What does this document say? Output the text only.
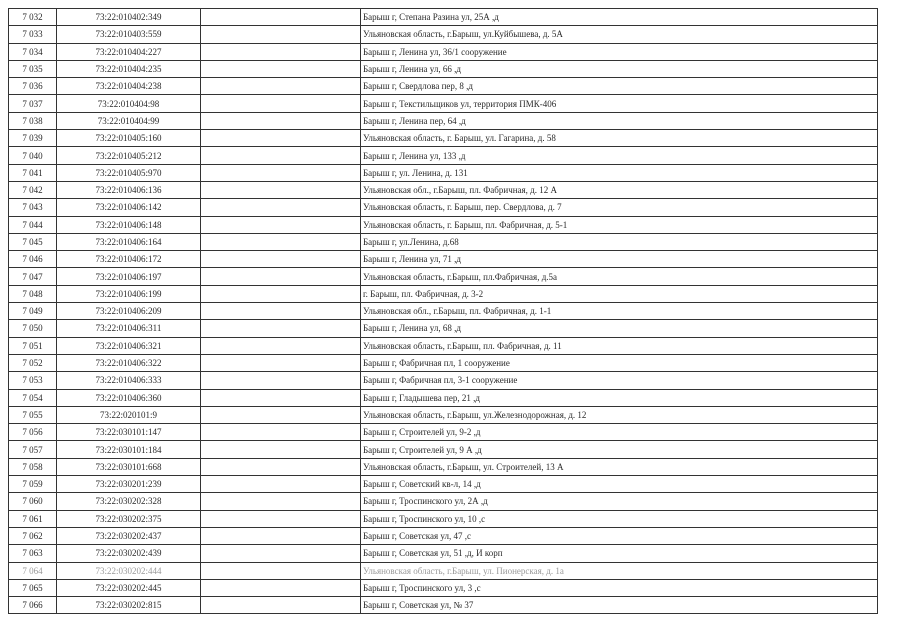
7 032	73:22:010402:349		Барыш г, Степана Разина ул, 25А ,д
7 033	73:22:010403:559		Ульяновская область, г.Барыш, ул.Куйбышева, д. 5А
7 034	73:22:010404:227		Барыш г, Ленина ул, 36/1 сооружение
7 035	73:22:010404:235		Барыш г, Ленина ул, 66 ,д
7 036	73:22:010404:238		Барыш г, Свердлова пер, 8 ,д
7 037	73:22:010404:98		Барыш г, Текстильщиков ул, территория ПМК-406
7 038	73:22:010404:99		Барыш г, Ленина пер, 64 ,д
7 039	73:22:010405:160		Ульяновская область, г. Барыш, ул. Гагарина, д. 58
7 040	73:22:010405:212		Барыш г, Ленина ул, 133 ,д
7 041	73:22:010405:970		Барыш г, ул. Ленина, д. 131
7 042	73:22:010406:136		Ульяновская обл., г.Барыш, пл. Фабричная, д. 12 А
7 043	73:22:010406:142		Ульяновская область, г. Барыш, пер. Свердлова, д. 7
7 044	73:22:010406:148		Ульяновская область, г. Барыш, пл. Фабричная, д. 5-1
7 045	73:22:010406:164		Барыш г, ул.Ленина, д.68
7 046	73:22:010406:172		Барыш г, Ленина ул, 71 ,д
7 047	73:22:010406:197		Ульяновская область, г.Барыш, пл.Фабричная, д.5а
7 048	73:22:010406:199		г. Барыш, пл. Фабричная, д. 3-2
7 049	73:22:010406:209		Ульяновская обл., г.Барыш, пл. Фабричная, д. 1-1
7 050	73:22:010406:311		Барыш г, Ленина ул, 68 ,д
7 051	73:22:010406:321		Ульяновская область, г.Барыш, пл. Фабричная, д. 11
7 052	73:22:010406:322		Барыш г, Фабричная пл, 1 сооружение
7 053	73:22:010406:333		Барыш г, Фабричная пл, 3-1 сооружение
7 054	73:22:010406:360		Барыш г, Гладышева пер, 21 ,д
7 055	73:22:020101:9		Ульяновская область, г.Барыш, ул.Железнодорожная, д. 12
7 056	73:22:030101:147		Барыш г, Строителей ул, 9-2 ,д
7 057	73:22:030101:184		Барыш г, Строителей ул, 9 А ,д
7 058	73:22:030101:668		Ульяновская область, г.Барыш, ул. Строителей, 13 А
7 059	73:22:030201:239		Барыш г, Советский кв-л, 14 ,д
7 060	73:22:030202:328		Барыш г, Троспинского ул, 2А ,д
7 061	73:22:030202:375		Барыш г, Троспинского ул, 10 ,с
7 062	73:22:030202:437		Барыш г, Советская ул, 47 ,с
7 063	73:22:030202:439		Барыш г, Советская ул, 51 ,д, И корп
7 064	73:22:030202:444		Ульяновская область, г.Барыш, ул. Пионерская, д. 1а
7 065	73:22:030202:445		Барыш г, Троспинского ул, 3 ,с
7 066	73:22:030202:815		Барыш г, Советская ул, № 37
